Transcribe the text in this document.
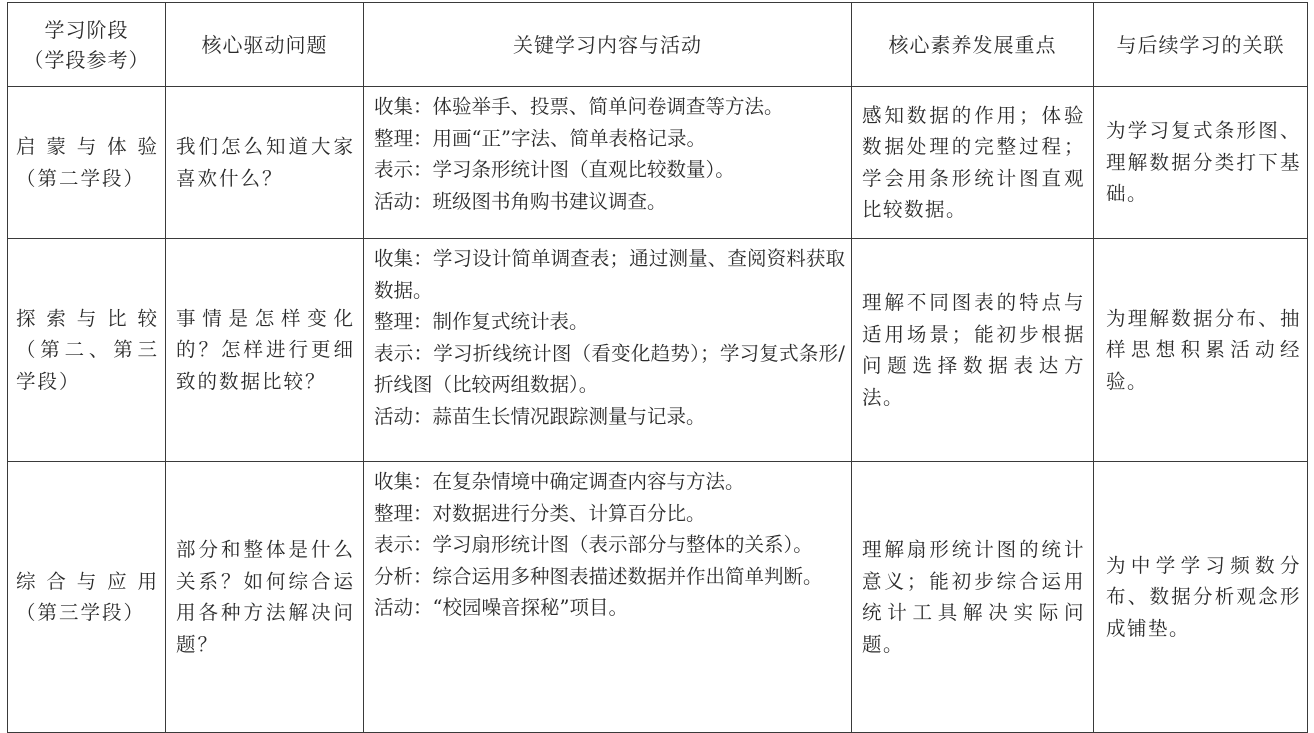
学习阶段
（学段参考）	核心驱动问题	关键学习内容与活动	核心素养发展重点	与后续学习的关联
启蒙与体验（第二学段）	我们怎么知道大家喜欢什么？	收集：体验举手、投票、简单问卷调查等方法。
整理：用画“正”字法、简单表格记录。
表示：学习条形统计图（直观比较数量）。
活动：班级图书角购书建议调查。	感知数据的作用；体验数据处理的完整过程；学会用条形统计图直观比较数据。	为学习复式条形图、理解数据分类打下基础。
探索与比较（第二、第三学段）	事情是怎样变化的？怎样进行更细致的数据比较？	收集：学习设计简单调查表；通过测量、查阅资料获取数据。
整理：制作复式统计表。
表示：学习折线统计图（看变化趋势）；学习复式条形/折线图（比较两组数据）。
活动：蒜苗生长情况跟踪测量与记录。	理解不同图表的特点与适用场景；能初步根据问题选择数据表达方法。	为理解数据分布、抽样思想积累活动经验。
综合与应用（第三学段）	部分和整体是什么关系？如何综合运用各种方法解决问题？	收集：在复杂情境中确定调查内容与方法。
整理：对数据进行分类、计算百分比。
表示：学习扇形统计图（表示部分与整体的关系）。
分析：综合运用多种图表描述数据并作出简单判断。
活动：“校园噪音探秘”项目。	理解扇形统计图的统计意义；能初步综合运用统计工具解决实际问题。	为中学学习频数分布、数据分析观念形成铺垫。
